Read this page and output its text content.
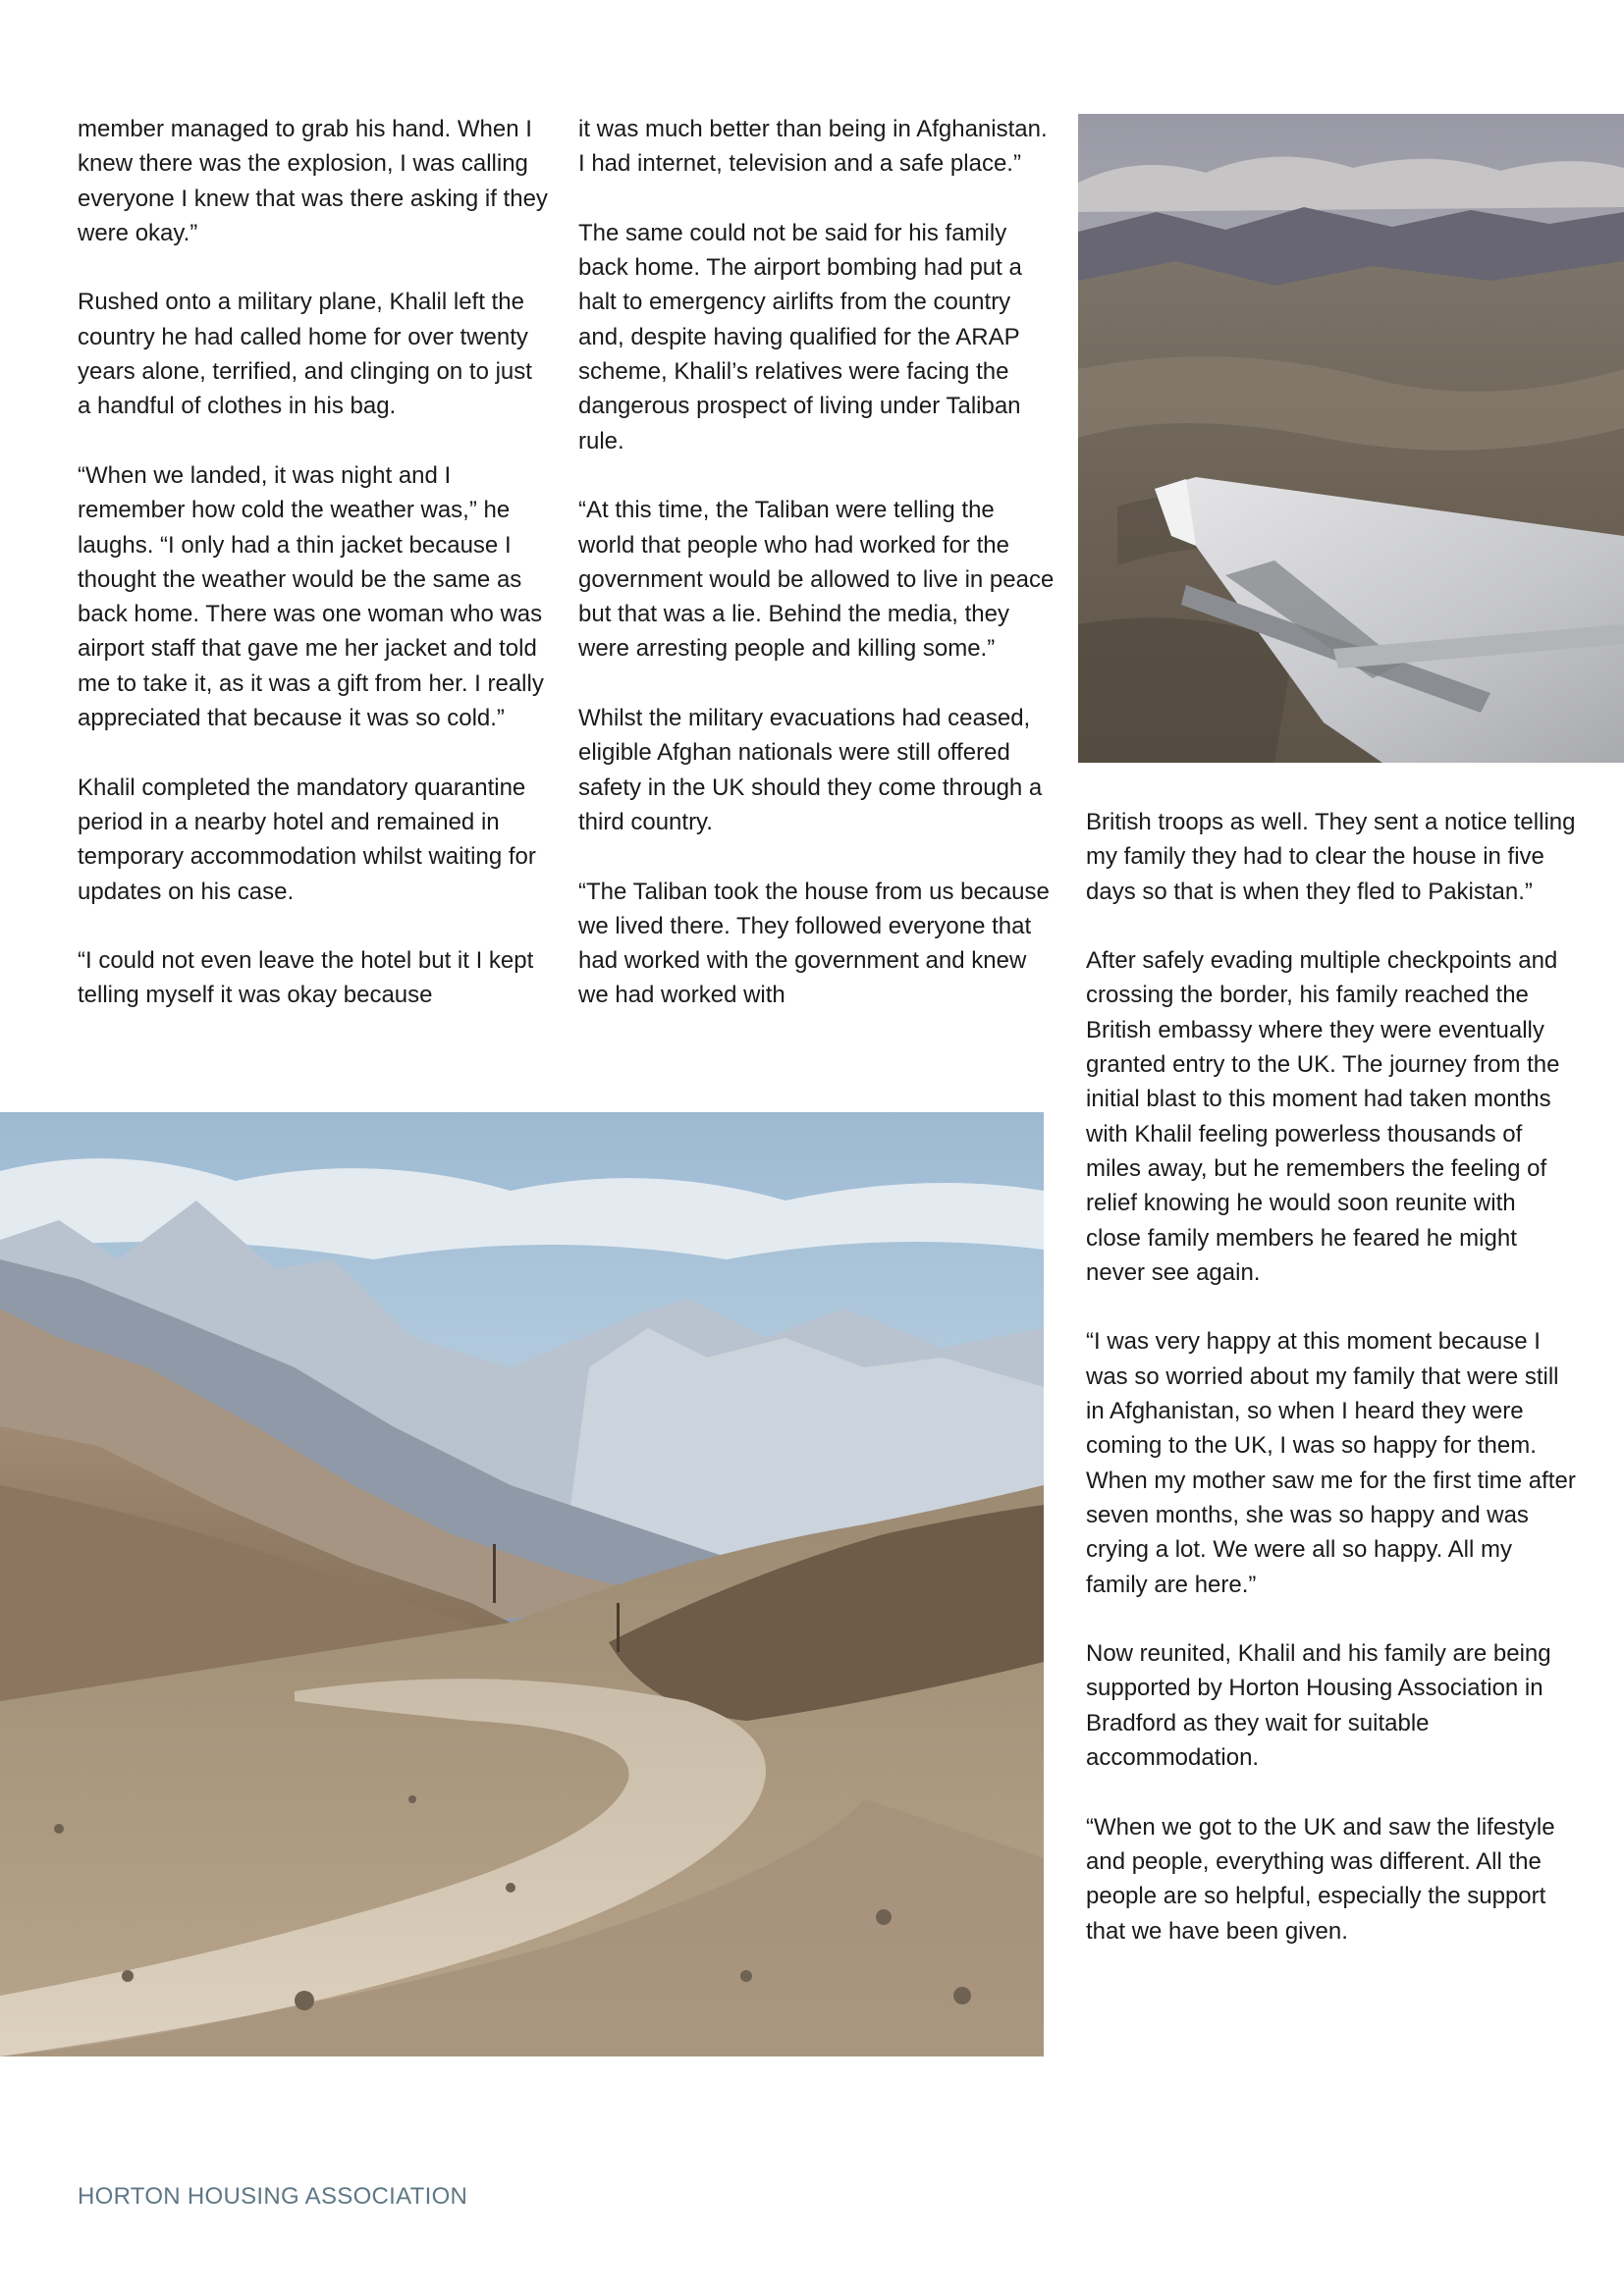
member managed to grab his hand. When I knew there was the explosion, I was calling everyone I knew that was there asking if they were okay.”

Rushed onto a military plane, Khalil left the country he had called home for over twenty years alone, terrified, and clinging on to just a handful of clothes in his bag.

“When we landed, it was night and I remember how cold the weather was,” he laughs. “I only had a thin jacket because I thought the weather would be the same as back home. There was one woman who was airport staff that gave me her jacket and told me to take it, as it was a gift from her. I really appreciated that because it was so cold.”

Khalil completed the mandatory quarantine period in a nearby hotel and remained in temporary accommodation whilst waiting for updates on his case.

“I could not even leave the hotel but it I kept telling myself it was okay because

it was much better than being in Afghanistan. I had internet, television and a safe place.”

The same could not be said for his family back home. The airport bombing had put a halt to emergency airlifts from the country and, despite having qualified for the ARAP scheme, Khalil’s relatives were facing the dangerous prospect of living under Taliban rule.

“At this time, the Taliban were telling the world that people who had worked for the government would be allowed to live in peace but that was a lie. Behind the media, they were arresting people and killing some.”

Whilst the military evacuations had ceased, eligible Afghan nationals were still offered safety in the UK should they come through a third country.

“The Taliban took the house from us because we lived there. They followed everyone that had worked with the government and knew we had worked with

British troops as well. They sent a notice telling my family they had to clear the house in five days so that is when they fled to Pakistan.”

After safely evading multiple checkpoints and crossing the border, his family reached the British embassy where they were eventually granted entry to the UK. The journey from the initial blast to this moment had taken months with Khalil feeling powerless thousands of miles away, but he remembers the feeling of relief knowing he would soon reunite with close family members he feared he might never see again.

“I was very happy at this moment because I was so worried about my family that were still in Afghanistan, so when I heard they were coming to the UK, I was so happy for them. When my mother saw me for the first time after seven months, she was so happy and was crying a lot. We were all so happy. All my family are here.”

Now reunited, Khalil and his family are being supported by Horton Housing Association in Bradford as they wait for suitable accommodation.

“When we got to the UK and saw the lifestyle and people, everything was different. All the people are so helpful, especially the support that we have been given.

HORTON HOUSING ASSOCIATION
